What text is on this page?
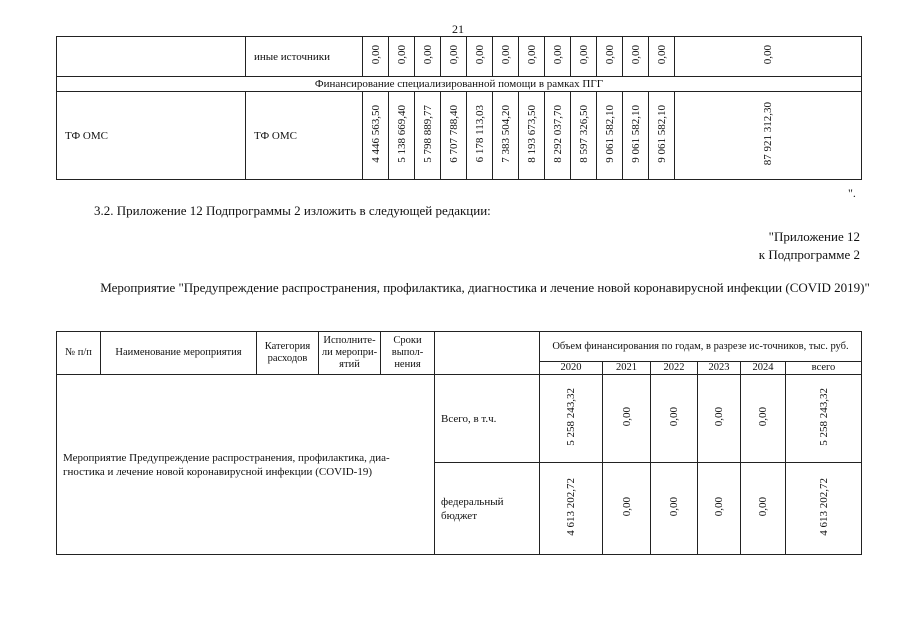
21
	иные источники	0,00	0,00	0,00	0,00	0,00	0,00	0,00	0,00	0,00	0,00	0,00	0,00	0,00
Финансирование специализированной помощи в рамках ПГГ														
ТФ ОМС	ТФ ОМС	4 446 563,50	5 138 669,40	5 798 889,77	6 707 788,40	6 178 113,03	7 383 504,20	8 193 673,50	8 292 037,70	8 597 326,50	9 061 582,10	9 061 582,10	9 061 582,10	87 921 312,30
".
3.2. Приложение 12 Подпрограммы 2 изложить в следующей редакции:
"Приложение 12
к Подпрограмме 2
Мероприятие "Предупреждение распространения, профилактика, диагностика и лечение новой коронавирусной инфекции (COVID 2019)"
№ п/п	Наименование мероприятия	Категория расходов	Исполните-ли меропри-ятий	Сроки выпол-нения		Объем финансирования по годам, в разрезе ис-точников, тыс. руб.					
						2020	2021	2022	2023	2024	всего
Мероприятие Предупреждение распространения, профилактика, диа-гностика и лечение новой коронавирусной инфекции (COVID-19)					Всего, в т.ч.	5 258 243,32	0,00	0,00	0,00	0,00	5 258 243,32
					федеральный бюджет	4 613 202,72	0,00	0,00	0,00	0,00	4 613 202,72
